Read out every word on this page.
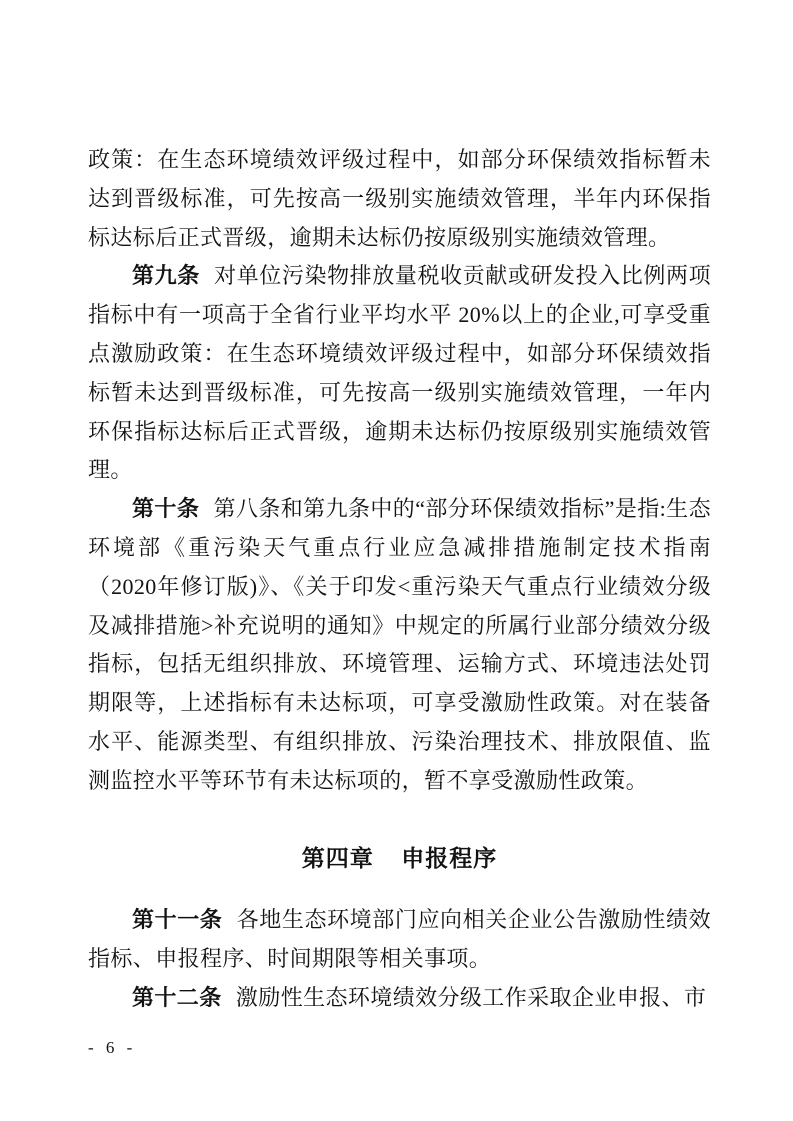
政策：在生态环境绩效评级过程中，如部分环保绩效指标暂未达到晋级标准，可先按高一级别实施绩效管理，半年内环保指标达标后正式晋级，逾期未达标仍按原级别实施绩效管理。

第九条 对单位污染物排放量税收贡献或研发投入比例两项指标中有一项高于全省行业平均水平 20%以上的企业,可享受重点激励政策：在生态环境绩效评级过程中，如部分环保绩效指标暂未达到晋级标准，可先按高一级别实施绩效管理，一年内环保指标达标后正式晋级，逾期未达标仍按原级别实施绩效管理。

第十条 第八条和第九条中的“部分环保绩效指标”是指:生态环境部《重污染天气重点行业应急减排措施制定技术指南（2020年修订版)》、《关于印发<重污染天气重点行业绩效分级及减排措施>补充说明的通知》中规定的所属行业部分绩效分级指标，包括无组织排放、环境管理、运输方式、环境违法处罚期限等，上述指标有未达标项，可享受激励性政策。对在装备水平、能源类型、有组织排放、污染治理技术、排放限值、监测监控水平等环节有未达标项的，暂不享受激励性政策。

第四章 申报程序

第十一条 各地生态环境部门应向相关企业公告激励性绩效指标、申报程序、时间期限等相关事项。

第十二条 激励性生态环境绩效分级工作采取企业申报、市

- 6 -
